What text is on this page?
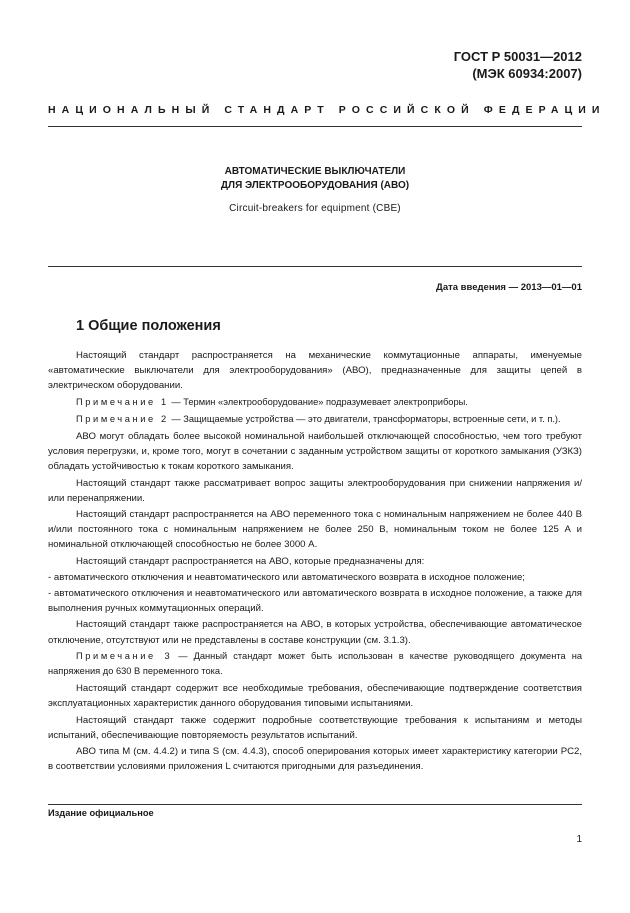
ГОСТ Р 50031—2012
(МЭК 60934:2007)
НАЦИОНАЛЬНЫЙ СТАНДАРТ РОССИЙСКОЙ ФЕДЕРАЦИИ
АВТОМАТИЧЕСКИЕ ВЫКЛЮЧАТЕЛИ
ДЛЯ ЭЛЕКТРООБОРУДОВАНИЯ (АВО)
Circuit-breakers for equipment (CBE)
Дата введения — 2013—01—01
1 Общие положения

Настоящий стандарт распространяется на механические коммутационные аппараты, именуемые «автоматические выключатели для электрооборудования» (АВО), предназначенные для защиты цепей в электрическом оборудовании.

Примечание 1 — Термин «электрооборудование» подразумевает электроприборы.

Примечание 2 — Защищаемые устройства — это двигатели, трансформаторы, встроенные сети, и т. п.).

АВО могут обладать более высокой номинальной наибольшей отключающей способностью, чем того требуют условия перегрузки, и, кроме того, могут в сочетании с заданным устройством защиты от короткого замыкания (УЗКЗ) обладать устойчивостью к токам короткого замыкания.

Настоящий стандарт также рассматривает вопрос защиты электрооборудования при снижении напряжения и/или перенапряжении.

Настоящий стандарт распространяется на АВО переменного тока с номинальным напряжением не более 440 В и/или постоянного тока с номинальным напряжением не более 250 В, номинальным током не более 125 А и номинальной отключающей способностью не более 3000 А.

Настоящий стандарт распространяется на АВО, которые предназначены для:

- автоматического отключения и неавтоматического или автоматического возврата в исходное положение;

- автоматического отключения и неавтоматического или автоматического возврата в исходное положение, а также для выполнения ручных коммутационных операций.

Настоящий стандарт также распространяется на АВО, в которых устройства, обеспечивающие автоматическое отключение, отсутствуют или не представлены в составе конструкции (см. 3.1.3).

Примечание 3 — Данный стандарт может быть использован в качестве руководящего документа на напряжения до 630 В переменного тока.

Настоящий стандарт содержит все необходимые требования, обеспечивающие подтверждение соответствия эксплуатационных характеристик данного оборудования типовыми испытаниями.

Настоящий стандарт также содержит подробные соответствующие требования к испытаниям и методы испытаний, обеспечивающие повторяемость результатов испытаний.

АВО типа М (см. 4.4.2) и типа S (см. 4.4.3), способ оперирования которых имеет характеристику категории РС2, в соответствии условиями приложения L считаются пригодными для разъединения.

Издание официальное
1
